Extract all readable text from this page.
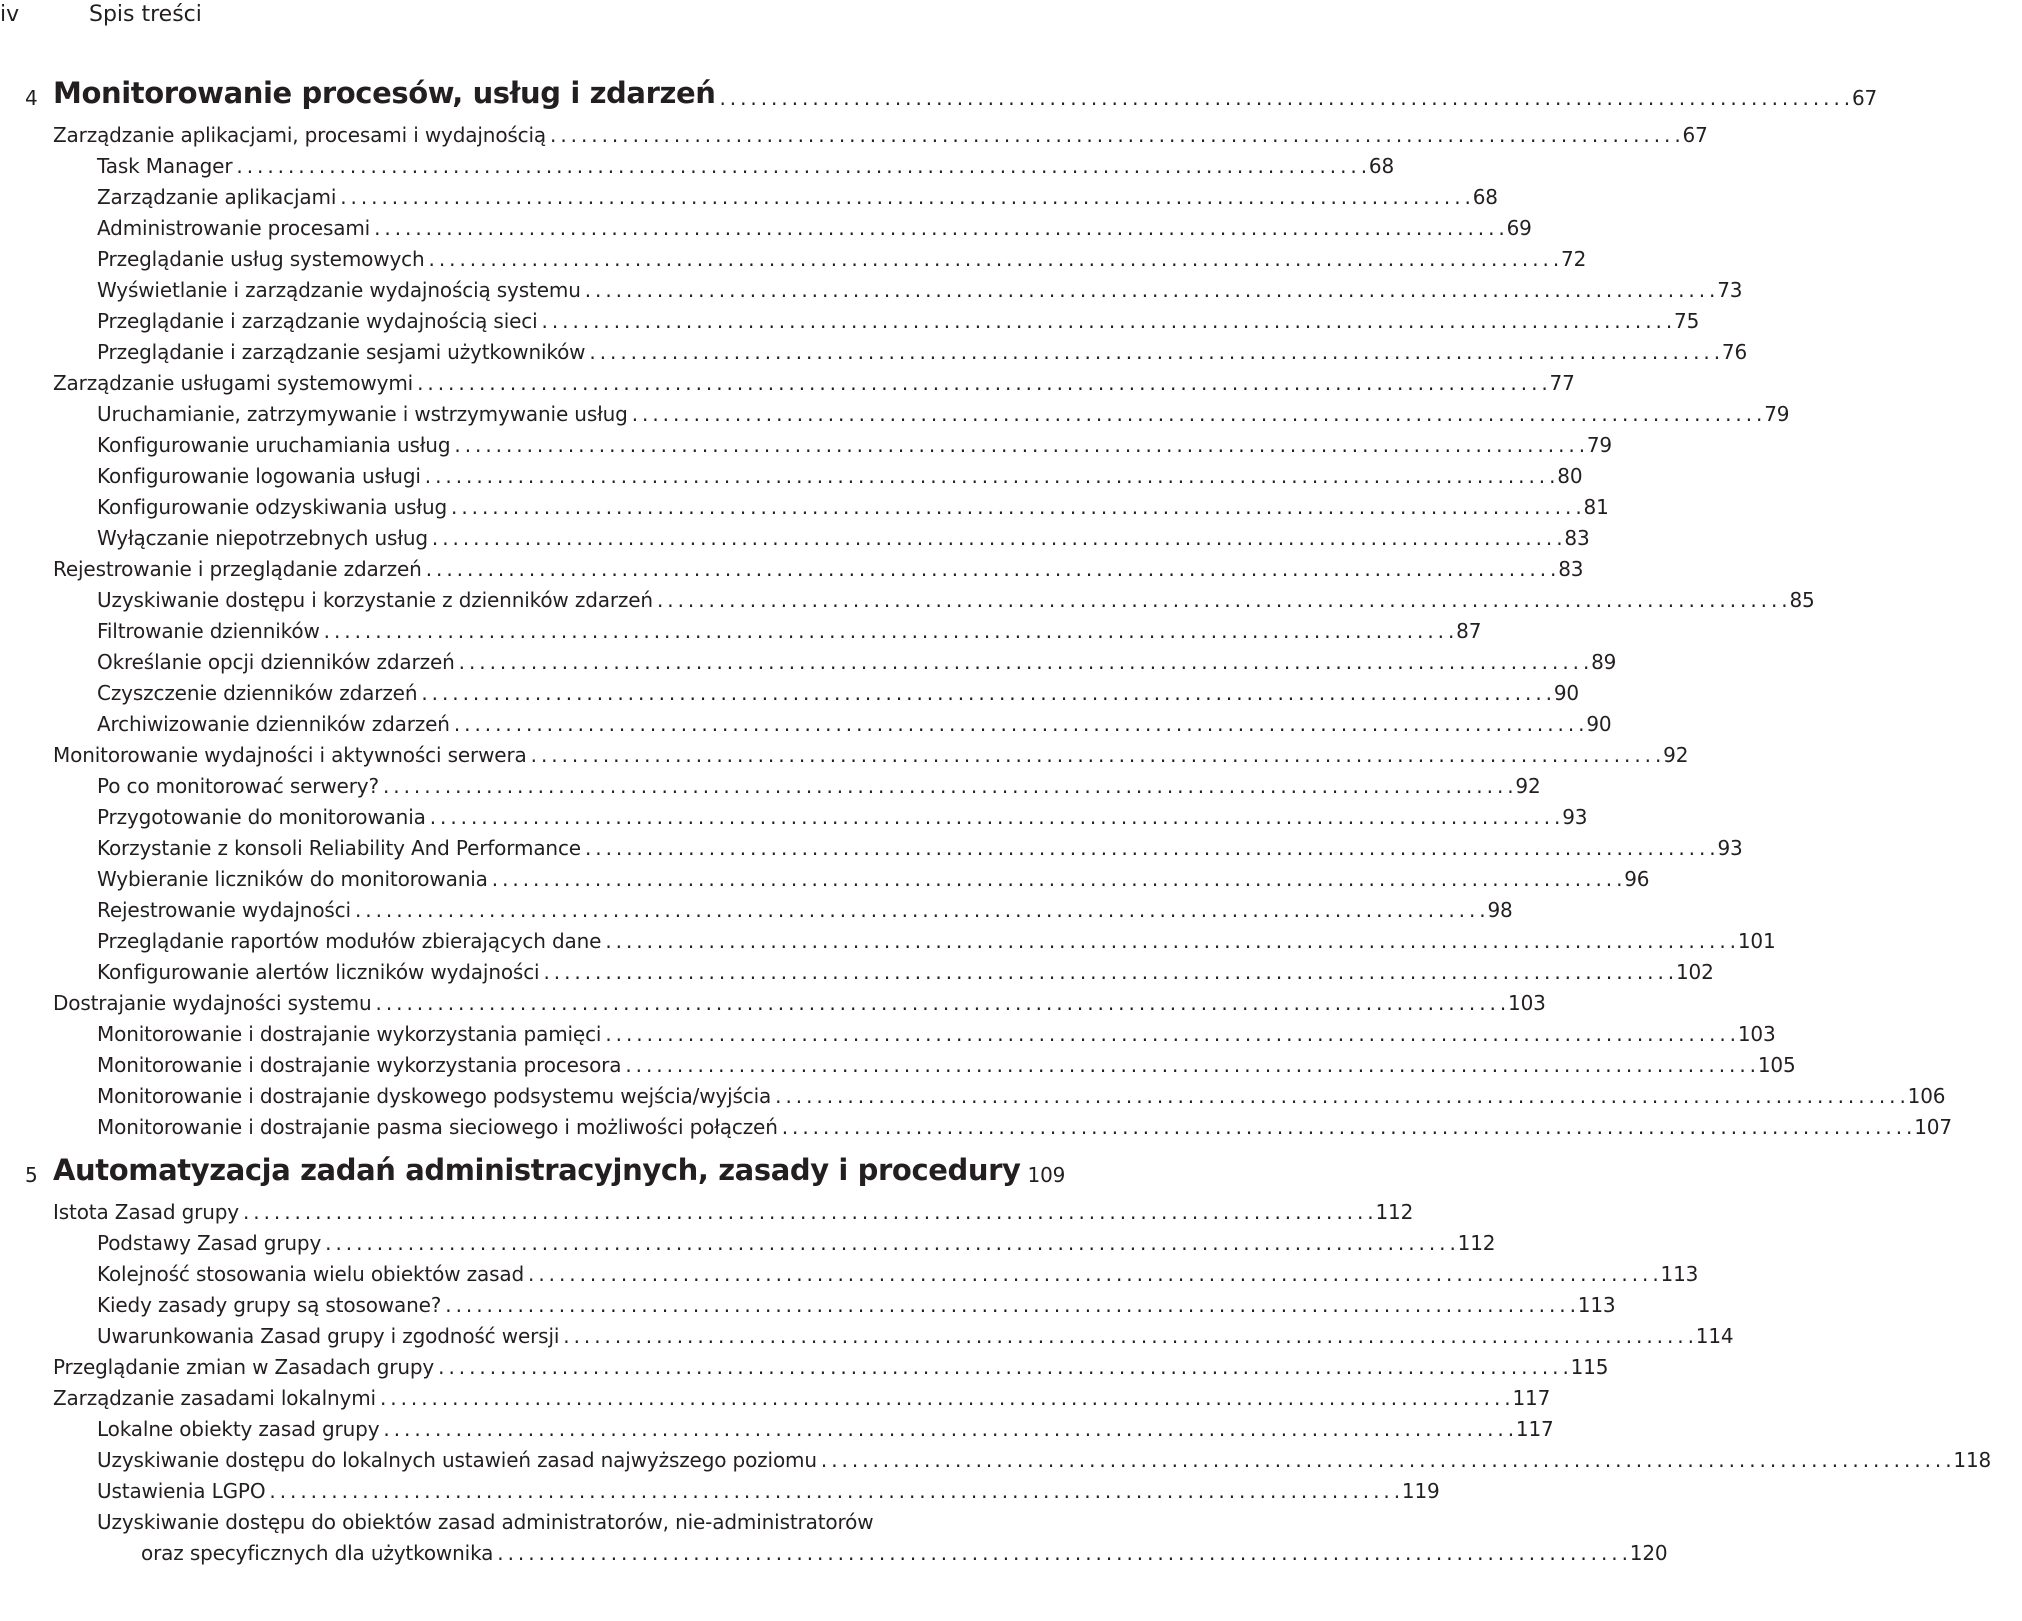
iv	Spis treści
4 Monitorowanie procesów, usług i zdarzeń . . .	67
Zarządzanie aplikacjami, procesami i wydajnością . . .	67
Task Manager . . .	68
Zarządzanie aplikacjami . . .	68
Administrowanie procesami . . .	69
Przeglądanie usług systemowych . . .	72
Wyświetlanie i zarządzanie wydajnością systemu . . .	73
Przeglądanie i zarządzanie wydajnością sieci . . .	75
Przeglądanie i zarządzanie sesjami użytkowników . . .	76
Zarządzanie usługami systemowymi . . .	77
Uruchamianie, zatrzymywanie i wstrzymywanie usług . . .	79
Konfigurowanie uruchamiania usług . . .	79
Konfigurowanie logowania usługi . . .	80
Konfigurowanie odzyskiwania usług . . .	81
Wyłączanie niepotrzebnych usług . . .	83
Rejestrowanie i przeglądanie zdarzeń . . .	83
Uzyskiwanie dostępu i korzystanie z dzienników zdarzeń . . .	85
Filtrowanie dzienników . . .	87
Określanie opcji dzienników zdarzeń . . .	89
Czyszczenie dzienników zdarzeń . . .	90
Archiwizowanie dzienników zdarzeń . . .	90
Monitorowanie wydajności i aktywności serwera . . .	92
Po co monitorować serwery? . . .	92
Przygotowanie do monitorowania . . .	93
Korzystanie z konsoli Reliability And Performance . . .	93
Wybieranie liczników do monitorowania . . .	96
Rejestrowanie wydajności . . .	98
Przeglądanie raportów modułów zbierających dane . . .	101
Konfigurowanie alertów liczników wydajności . . .	102
Dostrajanie wydajności systemu . . .	103
Monitorowanie i dostrajanie wykorzystania pamięci . . .	103
Monitorowanie i dostrajanie wykorzystania procesora . . .	105
Monitorowanie i dostrajanie dyskowego podsystemu wejścia/wyjścia . . .	106
Monitorowanie i dostrajanie pasma sieciowego i możliwości połączeń . . .	107
5 Automatyzacja zadań administracyjnych, zasady i procedury 109
Istota Zasad grupy . . .	112
Podstawy Zasad grupy . . .	112
Kolejność stosowania wielu obiektów zasad . . .	113
Kiedy zasady grupy są stosowane? . . .	113
Uwarunkowania Zasad grupy i zgodność wersji . . .	114
Przeglądanie zmian w Zasadach grupy . . .	115
Zarządzanie zasadami lokalnymi . . .	117
Lokalne obiekty zasad grupy . . .	117
Uzyskiwanie dostępu do lokalnych ustawień zasad najwyższego poziomu . . .	118
Ustawienia LGPO . . .	119
Uzyskiwanie dostępu do obiektów zasad administratorów, nie-administratorów
oraz specyficznych dla użytkownika . . .	120
